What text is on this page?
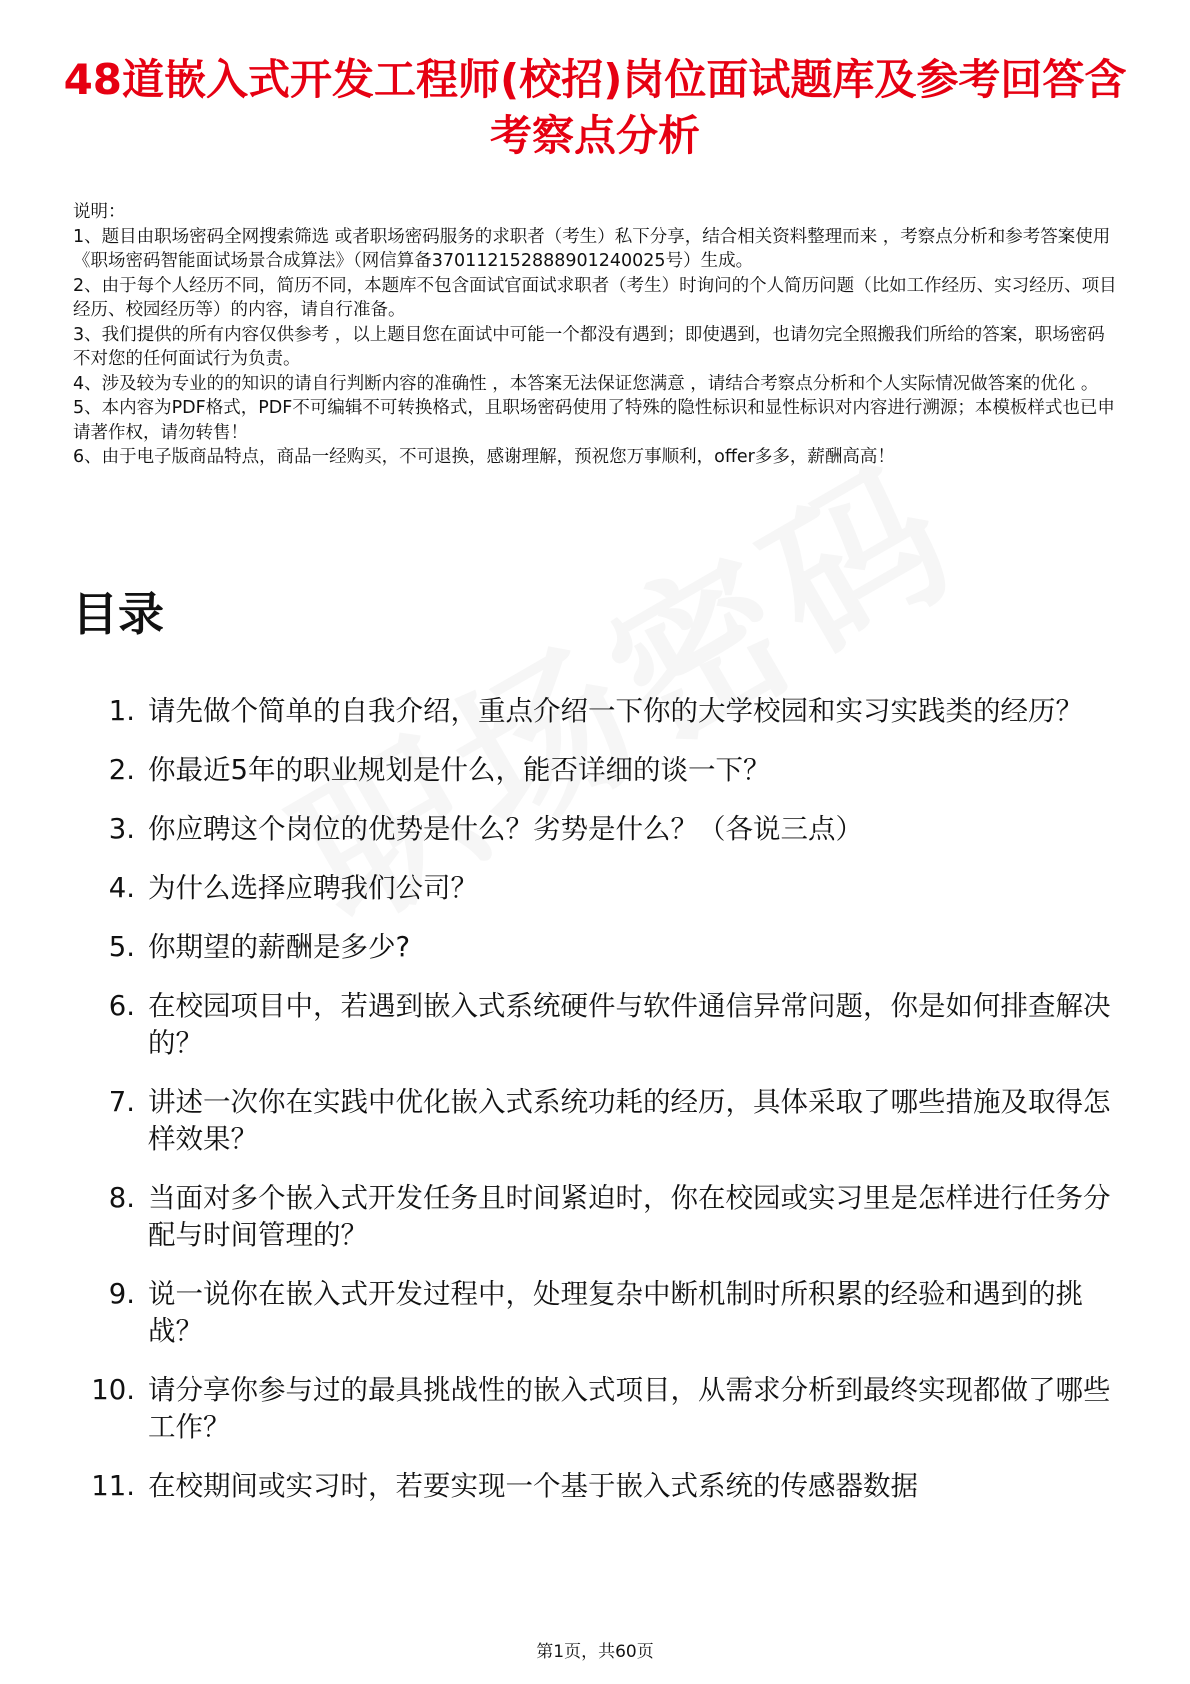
48道嵌入式开发工程师(校招)岗位面试题库及参考回答含考察点分析

说明：

1、题目由职场密码全网搜索筛选 或者职场密码服务的求职者（考生）私下分享，结合相关资料整理而来 ，考察点分析和参考答案使用《职场密码智能面试场景合成算法》（网信算备370112152888901240025号）生成。

2、由于每个人经历不同，简历不同，本题库不包含面试官面试求职者（考生）时询问的个人简历问题（比如工作经历、实习经历、项目经历、校园经历等）的内容，请自行准备。

3、我们提供的所有内容仅供参考 ，以上题目您在面试中可能一个都没有遇到；即使遇到，也请勿完全照搬我们所给的答案，职场密码不对您的任何面试行为负责。

4、涉及较为专业的的知识的请自行判断内容的准确性 ，本答案无法保证您满意 ，请结合考察点分析和个人实际情况做答案的优化 。

5、本内容为PDF格式，PDF不可编辑不可转换格式，且职场密码使用了特殊的隐性标识和显性标识对内容进行溯源；本模板样式也已申请著作权，请勿转售！

6、由于电子版商品特点，商品一经购买，不可退换，感谢理解，预祝您万事顺利，offer多多，薪酬高高！

目录
1. 请先做个简单的自我介绍，重点介绍一下你的大学校园和实习实践类的经历？
2. 你最近5年的职业规划是什么，能否详细的谈一下？
3. 你应聘这个岗位的优势是什么？劣势是什么？（各说三点）
4. 为什么选择应聘我们公司？
5. 你期望的薪酬是多少?
6. 在校园项目中，若遇到嵌入式系统硬件与软件通信异常问题，你是如何排查解决的？
7. 讲述一次你在实践中优化嵌入式系统功耗的经历，具体采取了哪些措施及取得怎样效果？
8. 当面对多个嵌入式开发任务且时间紧迫时，你在校园或实习里是怎样进行任务分配与时间管理的？
9. 说一说你在嵌入式开发过程中，处理复杂中断机制时所积累的经验和遇到的挑战？
10. 请分享你参与过的最具挑战性的嵌入式项目，从需求分析到最终实现都做了哪些工作？
11. 在校期间或实习时，若要实现一个基于嵌入式系统的传感器数据
第1页，共60页
